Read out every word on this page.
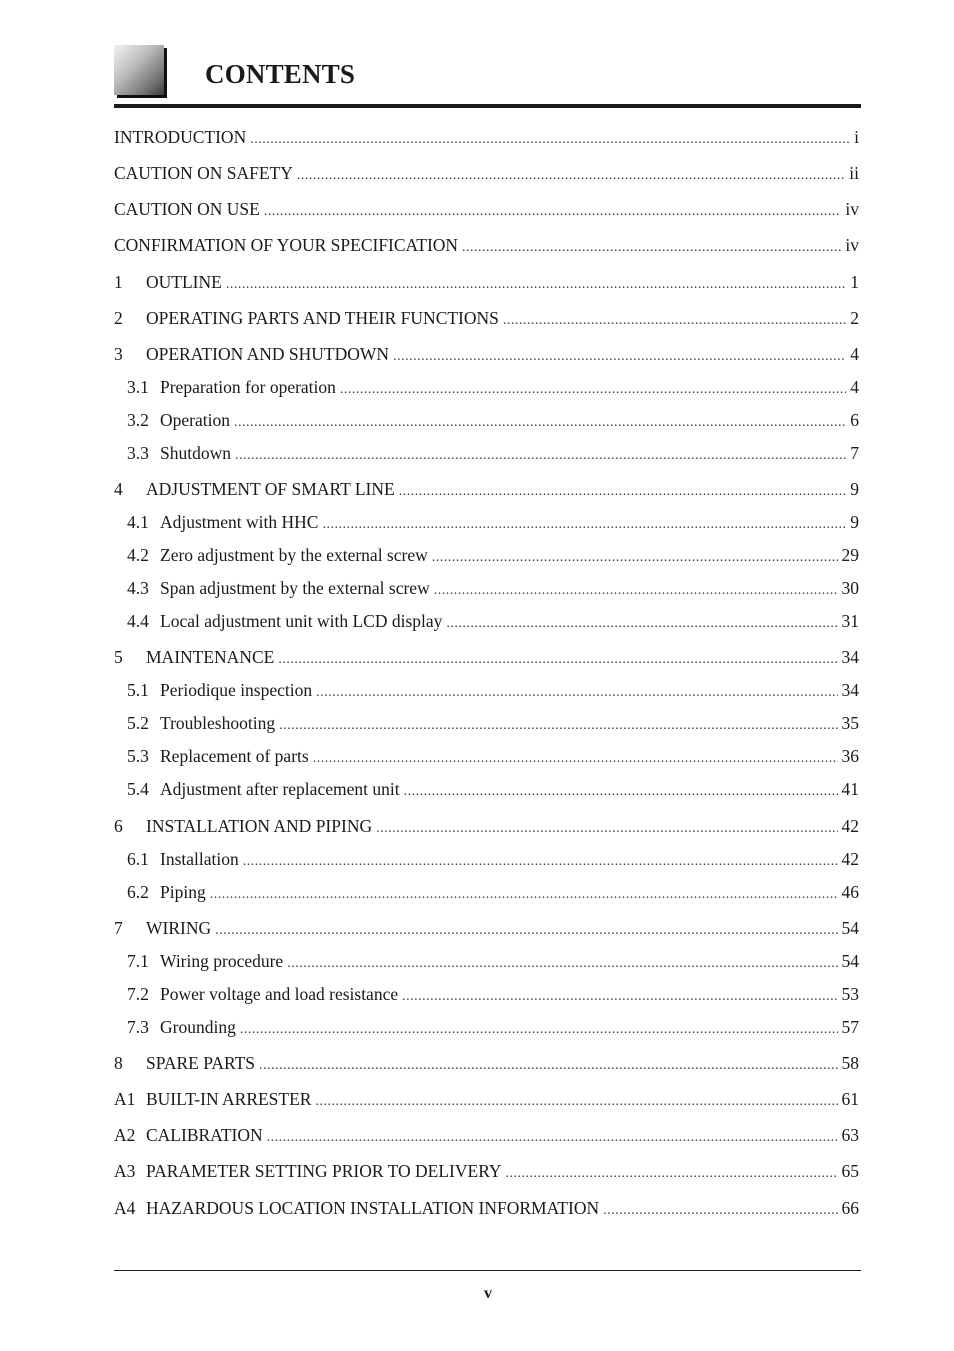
CONTENTS
INTRODUCTION .....	i
CAUTION ON SAFETY .....	ii
CAUTION ON USE .....	iv
CONFIRMATION OF YOUR SPECIFICATION .....	iv
1	OUTLINE .....	1
2	OPERATING PARTS AND THEIR FUNCTIONS .....	2
3	OPERATION AND SHUTDOWN .....	4
3.1 Preparation for operation .....	4
3.2 Operation .....	6
3.3 Shutdown .....	7
4	ADJUSTMENT OF SMART LINE .....	9
4.1 Adjustment with HHC .....	9
4.2 Zero adjustment by the external screw .....	29
4.3 Span adjustment by the external screw .....	30
4.4 Local adjustment unit with LCD display .....	31
5	MAINTENANCE .....	34
5.1 Periodique inspection .....	34
5.2 Troubleshooting .....	35
5.3 Replacement of parts .....	36
5.4 Adjustment after replacement unit .....	41
6	INSTALLATION AND PIPING .....	42
6.1 Installation .....	42
6.2 Piping .....	46
7	WIRING .....	54
7.1 Wiring procedure .....	54
7.2 Power voltage and load resistance .....	53
7.3 Grounding .....	57
8	SPARE PARTS .....	58
A1 BUILT-IN ARRESTER .....	61
A2 CALIBRATION .....	63
A3 PARAMETER SETTING PRIOR TO DELIVERY .....	65
A4 HAZARDOUS LOCATION INSTALLATION INFORMATION .....	66
v
